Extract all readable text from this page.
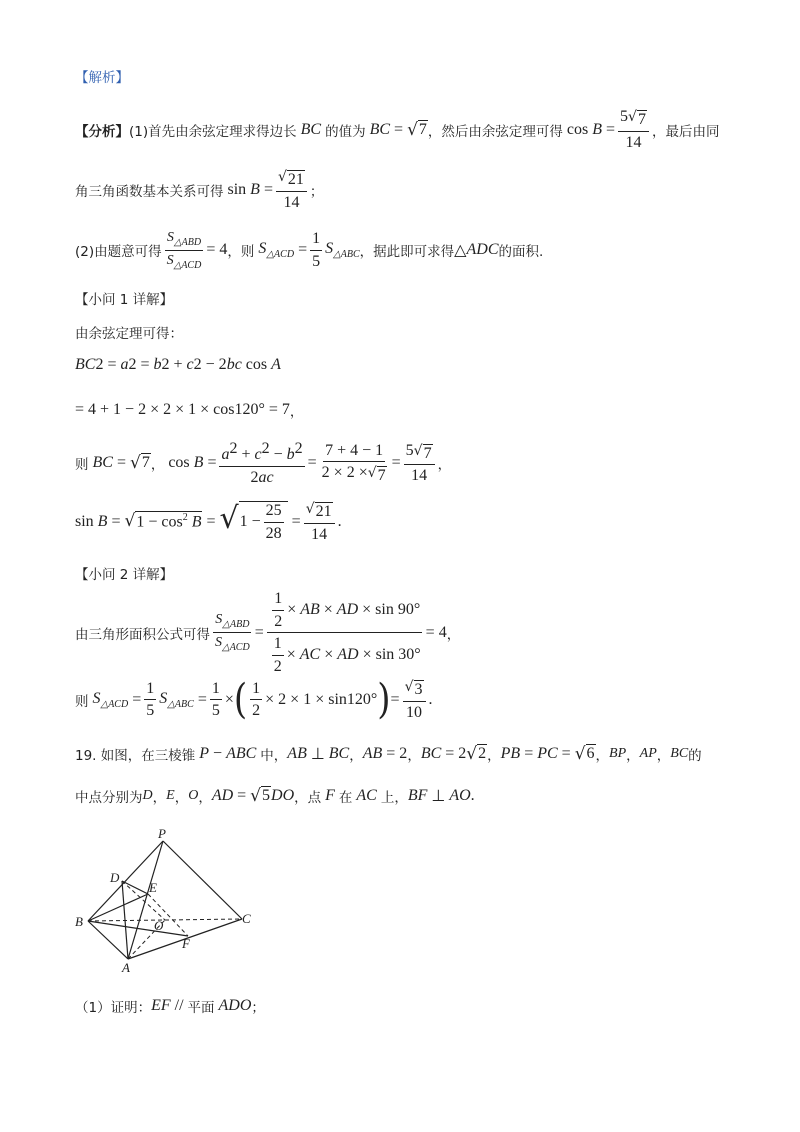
【解析】
【分析】 (1)首先由余弦定理求得边长 BC 的值为 BC = √ 7 ，然后由余弦定理可得 $\cos B = \frac{5 √ 7}{14}$ ，最后由同
角三角函数基本关系可得 $\sin B = \frac{√ 21}{14}$ ；
(2)由题意可得 $\frac{S_{\triangle ABD}}{S_{\triangle ACD}} = 4$ ，则 $S_{\triangle ACD} = \frac{1}{5} S_{\triangle ABC}$ ，据此即可求得 △ ADC 的面积.
【小问 1 详解】
由余弦定理可得：
BC 2 = a 2 = b 2 + c 2 − 2 bc cos A
= 4 + 1 − 2 × 2 × 1 × cos120° = 7 ，
则 BC = √ 7 ， $\cos B = \frac{a^2 + c^2 - b^2}{2ac} = \frac{7 + 4 - 1}{2 \times 2 \times √ 7} = \frac{5 √ 7}{14}$ ，
sin B = √ $1 - \cos^2 B$ = √ $1 - \frac{25}{28} = \frac{√ 21}{14}$ .
【小问 2 详解】
由三角形面积公式可得 $\frac{S_{\triangle ABD}}{S_{\triangle ACD}} = \frac{\frac{1}{2} \times AB \times AD \times \sin 90^\circ}{\frac{1}{2} \times AC \times AD \times \sin 30^\circ} = 4$ ，
则 $S_{\triangle ACD} = \frac{1}{5} S_{\triangle ABC} = \frac{1}{5}$ × ( $\frac{1}{2} \times 2 \times 1 \times \sin 120^\circ$ ) = $\frac{√ 3}{10}$ .
19. 如图，在三棱锥 P − ABC 中， AB ⊥ BC ， AB = 2 ， BC = 2 √ 2 ， PB = PC = √ 6 ， BP ， AP ， BC 的
中点分别为 D ， E ， O ， AD = √ 5 DO ，点 F 在 AC 上， BF ⊥ AO .
P
D
E
B	O	C
F
A
（1）证明： EF // 平面 ADO ；
